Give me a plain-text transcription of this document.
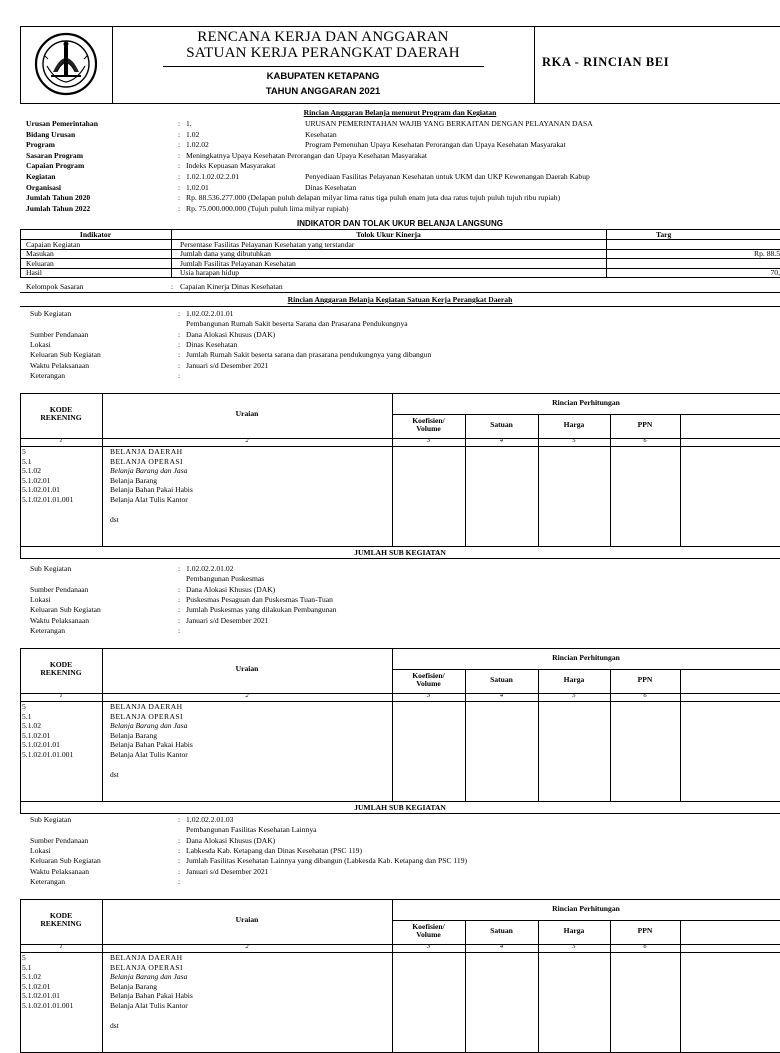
RENCANA KERJA DAN ANGGARAN
SATUAN KERJA PERANGKAT DAERAH
KABUPATEN KETAPANG
TAHUN ANGGARAN 2021
RKA - RINCIAN BEI
Rincian Anggaran Belanja menurut Program dan Kegiatan
INDIKATOR DAN TOLAK UKUR BELANJA LANGSUNG
Rincian Anggaran Belanja Kegiatan Satuan Kerja Perangkat Daerah
Urusan Pemerintahan	: 1.	URUSAN PEMERINTAHAN WAJIB YANG BERKAITAN DENGAN PELAYANAN DASA
Bidang Urusan	: 1.02	Kesehatan
Program	: 1.02.02	Program Pemenuhan Upaya Kesehatan Perorangan dan Upaya Kesehatan Masyarakat
Sasaran Program	: Meningkatnya Upaya Kesehatan Perorangan dan Upaya Kesehatan Masyarakat
Capaian Program	: Indeks Kepuasan Masyarakat
Kegiatan	: 1.02.1.02.02.2.01	Penyediaan Fasilitas Pelayanan Kesehatan untuk UKM dan UKP Kewenangan Daerah Kabup
Organisasi	: 1.02.01	Dinas Kesehatan
Jumlah Tahun 2020	: Rp. 88.536.277.000 (Delapan puluh delapan milyar lima ratus tiga puluh enam juta dua ratus tujuh puluh tujuh ribu rupiah)
Jumlah Tahun 2022	: Rp. 75.000.000.000 (Tujuh puluh lima milyar rupiah)
Indikator	Tolok Ukur Kinerja	Targ
Capaian Kegiatan	Persentase Fasilitas Pelayanan Kesehatan yang terstandar
Masukan	Jumlah dana yang dibutuhkan	Rp. 88.5
Keluaran	Jumlah Fasilitas Pelayanan Kesehatan
Hasil	Usia harapan hidup	70,
Kelompok Sasaran	: Capaian Kinerja Dinas Kesehatan
Sub Kegiatan	: 1.02.02.2.01.01
Pembangunan Rumah Sakit beserta Sarana dan Prasarana Pendukungnya
Sumber Pendanaan	: Dana Alokasi Khusus (DAK)
Lokasi	: Dinas Kesehatan
Keluaran Sub Kegiatan	: Jumlah Rumah Sakit beserta sarana dan prasarana pendukungnya yang dibangun
Waktu Pelaksanaan	: Januari s/d Desember 2021
Keterangan	:
KODE
REKENING	Uraian
Rincian Perhitungan
Koefisien/
Volume	Satuan	Harga	PPN
1	2	3	4	5	6
5	BELANJA DAERAH
5.1	BELANJA OPERASI
5.1.02	Belanja Barang dan Jasa
5.1.02.01	Belanja Barang
5.1.02.01.01	Belanja Bahan Pakai Habis
5.1.02.01.01.001	Belanja Alat Tulis Kantor
dst
JUMLAH SUB KEGIATAN
Sub Kegiatan	: 1.02.02.2.01.02
Pembangunan Puskesmas
Sumber Pendanaan	: Dana Alokasi Khusus (DAK)
Lokasi	: Puskesmas Pesaguan dan Puskesmas Tuan-Tuan
Keluaran Sub Kegiatan	: Jumlah Puskesmas yang dilakukan Pembangunan
Waktu Pelaksanaan	: Januari s/d Desember 2021
Keterangan	:
KODE
REKENING	Uraian
Rincian Perhitungan
Koefisien/
Volume	Satuan	Harga	PPN
1	2	3	4	5	6
5	BELANJA DAERAH
5.1	BELANJA OPERASI
5.1.02	Belanja Barang dan Jasa
5.1.02.01	Belanja Barang
5.1.02.01.01	Belanja Bahan Pakai Habis
5.1.02.01.01.001	Belanja Alat Tulis Kantor
dst
JUMLAH SUB KEGIATAN
Sub Kegiatan	: 1.02.02.2.01.03
Pembangunan Fasilitas Kesehatan Lainnya
Sumber Pendanaan	: Dana Alokasi Khusus (DAK)
Lokasi	: Labkesda Kab. Ketapang dan Dinas Kesehatan (PSC 119)
Keluaran Sub Kegiatan	: Jumlah Fasilitas Kesehatan Lainnya yang dibangun (Labkesda Kab. Ketapang dan PSC 119)
Waktu Pelaksanaan	: Januari s/d Desember 2021
Keterangan	:
KODE
REKENING	Uraian
Rincian Perhitungan
Koefisien/
Volume	Satuan	Harga	PPN
1	2	3	4	5	6
5	BELANJA DAERAH
5.1	BELANJA OPERASI
5.1.02	Belanja Barang dan Jasa
5.1.02.01	Belanja Barang
5.1.02.01.01	Belanja Bahan Pakai Habis
5.1.02.01.01.001	Belanja Alat Tulis Kantor
dst
